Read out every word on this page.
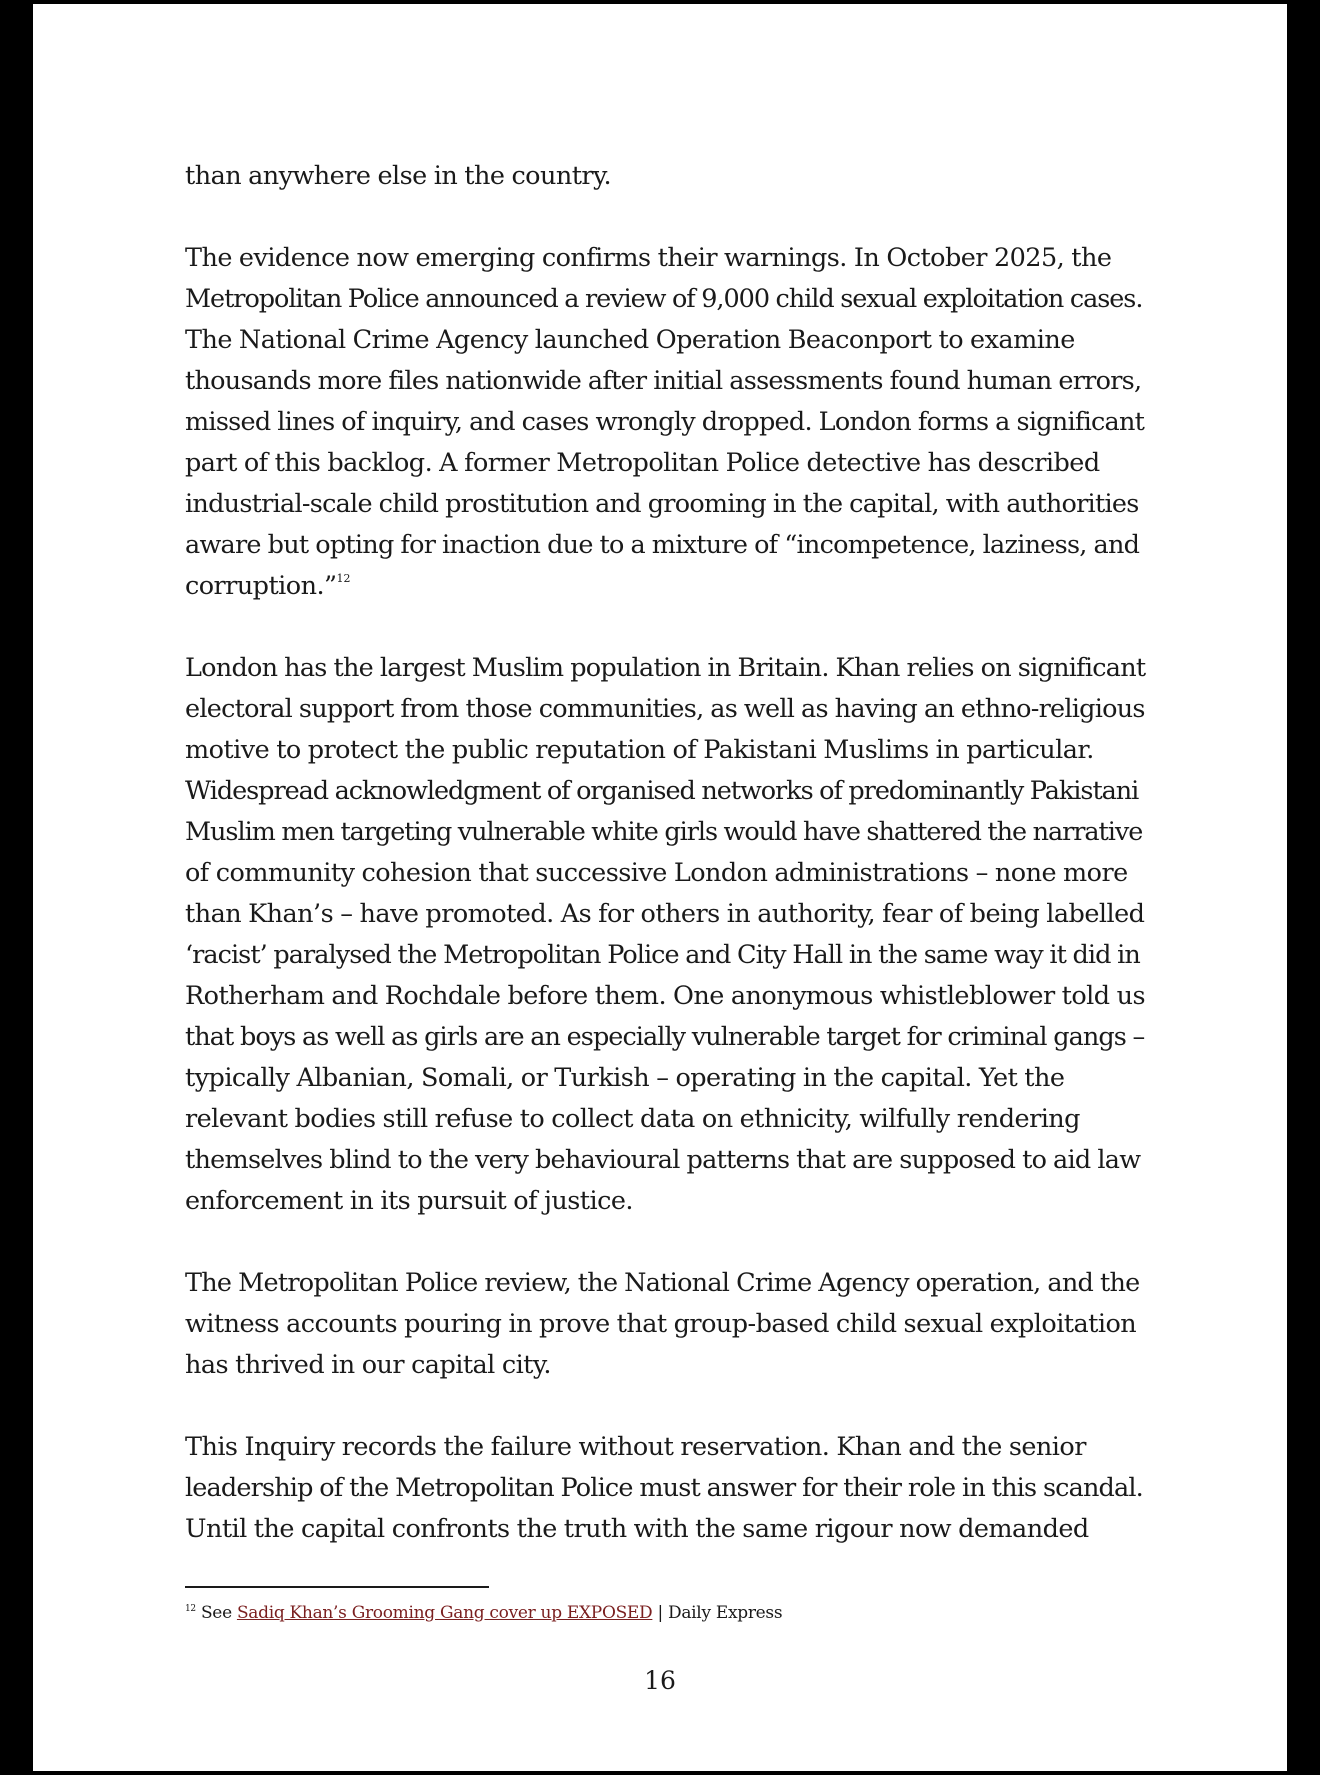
than anywhere else in the country.

The evidence now emerging confirms their warnings. In October 2025, the
Metropolitan Police announced a review of 9,000 child sexual exploitation cases.
The National Crime Agency launched Operation Beaconport to examine
thousands more files nationwide after initial assessments found human errors,
missed lines of inquiry, and cases wrongly dropped. London forms a significant
part of this backlog. A former Metropolitan Police detective has described
industrial-scale child prostitution and grooming in the capital, with authorities
aware but opting for inaction due to a mixture of “incompetence, laziness, and
corruption.”$^{12}$

London has the largest Muslim population in Britain. Khan relies on significant
electoral support from those communities, as well as having an ethno-religious
motive to protect the public reputation of Pakistani Muslims in particular.
Widespread acknowledgment of organised networks of predominantly Pakistani
Muslim men targeting vulnerable white girls would have shattered the narrative
of community cohesion that successive London administrations – none more
than Khan’s – have promoted. As for others in authority, fear of being labelled
‘racist’ paralysed the Metropolitan Police and City Hall in the same way it did in
Rotherham and Rochdale before them. One anonymous whistleblower told us
that boys as well as girls are an especially vulnerable target for criminal gangs –
typically Albanian, Somali, or Turkish – operating in the capital. Yet the
relevant bodies still refuse to collect data on ethnicity, wilfully rendering
themselves blind to the very behavioural patterns that are supposed to aid law
enforcement in its pursuit of justice.

The Metropolitan Police review, the National Crime Agency operation, and the
witness accounts pouring in prove that group-based child sexual exploitation
has thrived in our capital city.

This Inquiry records the failure without reservation. Khan and the senior
leadership of the Metropolitan Police must answer for their role in this scandal.
Until the capital confronts the truth with the same rigour now demanded

$^{12}$ See Sadiq Khan’s Grooming Gang cover up EXPOSED | Daily Express
16
